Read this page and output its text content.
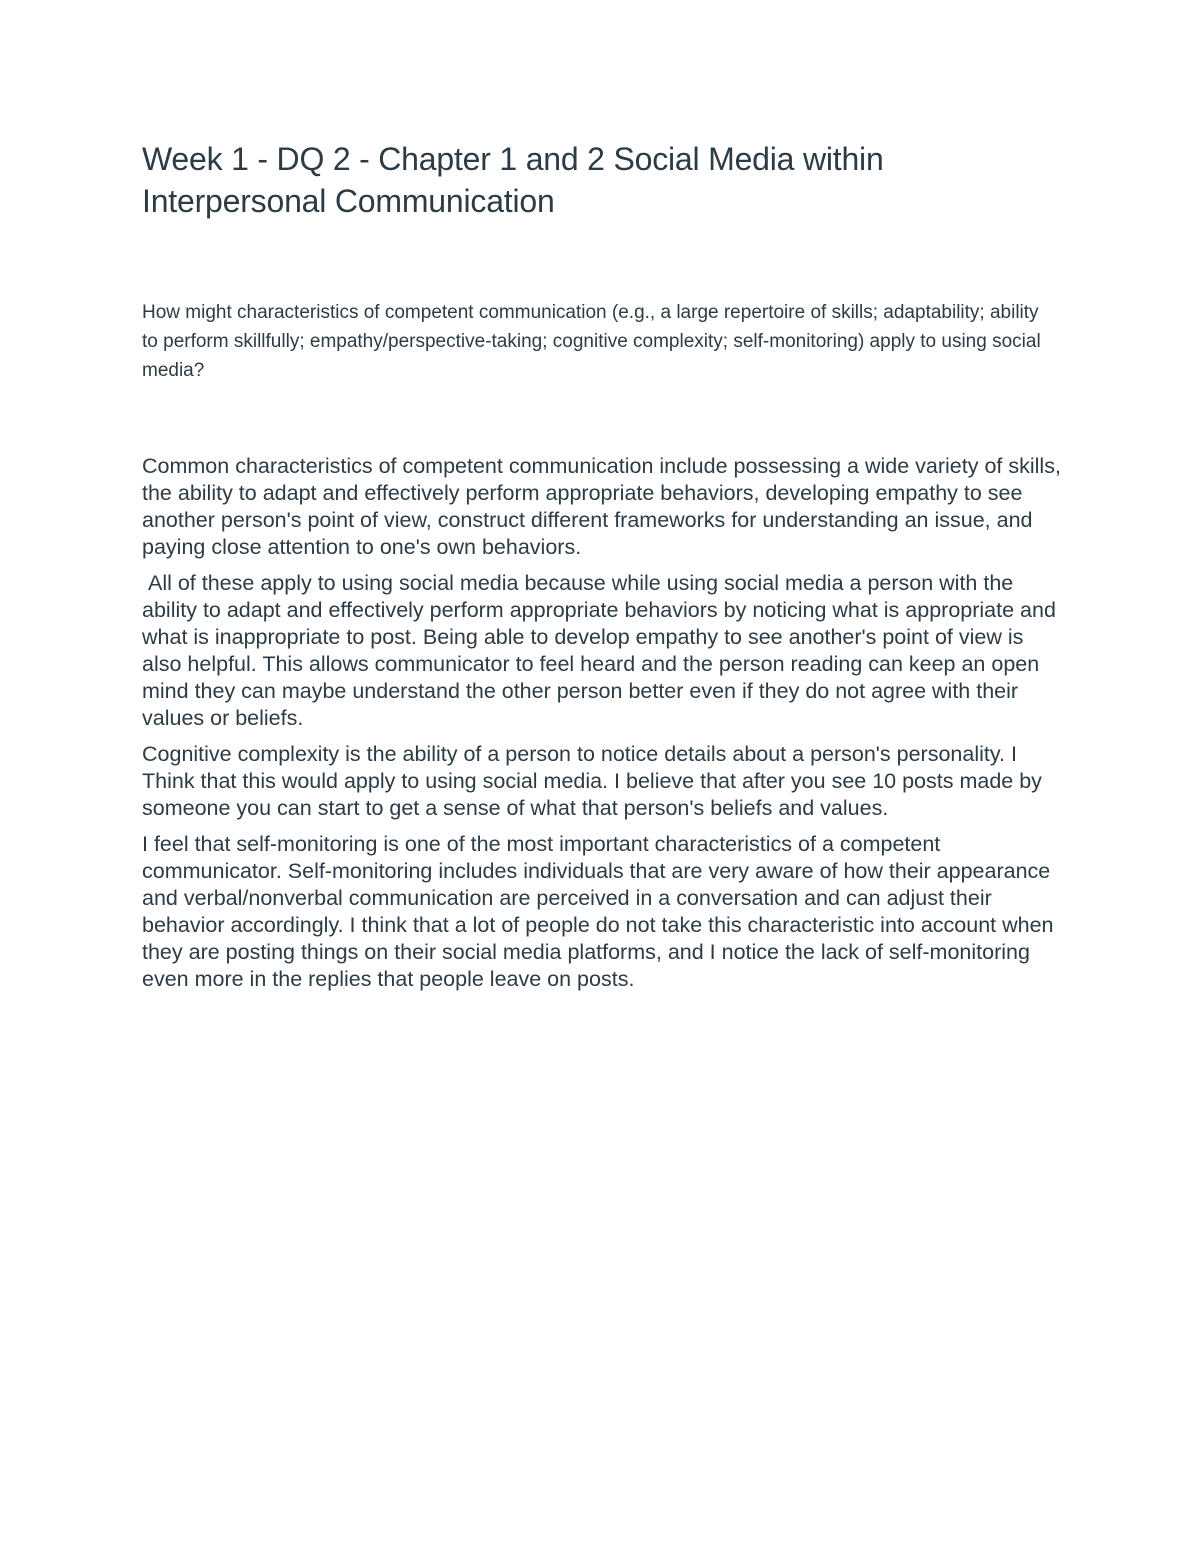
Week 1 - DQ 2 - Chapter 1 and 2 Social Media within Interpersonal Communication

How might characteristics of competent communication (e.g., a large repertoire of skills; adaptability; ability to perform skillfully; empathy/perspective-taking; cognitive complexity; self-monitoring) apply to using social media?

Common characteristics of competent communication include possessing a wide variety of skills, the ability to adapt and effectively perform appropriate behaviors, developing empathy to see another person's point of view, construct different frameworks for understanding an issue, and paying close attention to one's own behaviors.

All of these apply to using social media because while using social media a person with the ability to adapt and effectively perform appropriate behaviors by noticing what is appropriate and what is inappropriate to post. Being able to develop empathy to see another's point of view is also helpful. This allows communicator to feel heard and the person reading can keep an open mind they can maybe understand the other person better even if they do not agree with their values or beliefs.

Cognitive complexity is the ability of a person to notice details about a person's personality. I Think that this would apply to using social media. I believe that after you see 10 posts made by someone you can start to get a sense of what that person's beliefs and values.

I feel that self-monitoring is one of the most important characteristics of a competent communicator. Self-monitoring includes individuals that are very aware of how their appearance and verbal/nonverbal communication are perceived in a conversation and can adjust their behavior accordingly. I think that a lot of people do not take this characteristic into account when they are posting things on their social media platforms, and I notice the lack of self-monitoring even more in the replies that people leave on posts.
